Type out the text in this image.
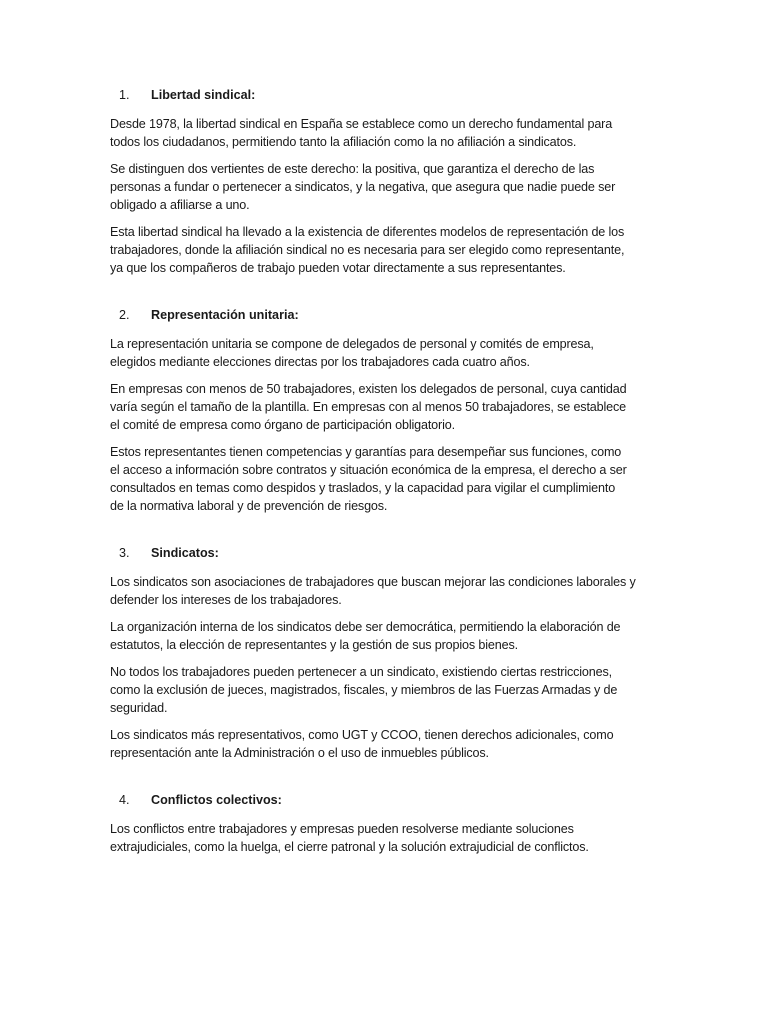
1.	Libertad sindical:

Desde 1978, la libertad sindical en España se establece como un derecho fundamental para
todos los ciudadanos, permitiendo tanto la afiliación como la no afiliación a sindicatos.

Se distinguen dos vertientes de este derecho: la positiva, que garantiza el derecho de las
personas a fundar o pertenecer a sindicatos, y la negativa, que asegura que nadie puede ser
obligado a afiliarse a uno.

Esta libertad sindical ha llevado a la existencia de diferentes modelos de representación de los
trabajadores, donde la afiliación sindical no es necesaria para ser elegido como representante,
ya que los compañeros de trabajo pueden votar directamente a sus representantes.

2.	Representación unitaria:

La representación unitaria se compone de delegados de personal y comités de empresa,
elegidos mediante elecciones directas por los trabajadores cada cuatro años.

En empresas con menos de 50 trabajadores, existen los delegados de personal, cuya cantidad
varía según el tamaño de la plantilla. En empresas con al menos 50 trabajadores, se establece
el comité de empresa como órgano de participación obligatorio.

Estos representantes tienen competencias y garantías para desempeñar sus funciones, como
el acceso a información sobre contratos y situación económica de la empresa, el derecho a ser
consultados en temas como despidos y traslados, y la capacidad para vigilar el cumplimiento
de la normativa laboral y de prevención de riesgos.

3.	Sindicatos:

Los sindicatos son asociaciones de trabajadores que buscan mejorar las condiciones laborales y
defender los intereses de los trabajadores.

La organización interna de los sindicatos debe ser democrática, permitiendo la elaboración de
estatutos, la elección de representantes y la gestión de sus propios bienes.

No todos los trabajadores pueden pertenecer a un sindicato, existiendo ciertas restricciones,
como la exclusión de jueces, magistrados, fiscales, y miembros de las Fuerzas Armadas y de
seguridad.

Los sindicatos más representativos, como UGT y CCOO, tienen derechos adicionales, como
representación ante la Administración o el uso de inmuebles públicos.

4.	Conflictos colectivos:

Los conflictos entre trabajadores y empresas pueden resolverse mediante soluciones
extrajudiciales, como la huelga, el cierre patronal y la solución extrajudicial de conflictos.
